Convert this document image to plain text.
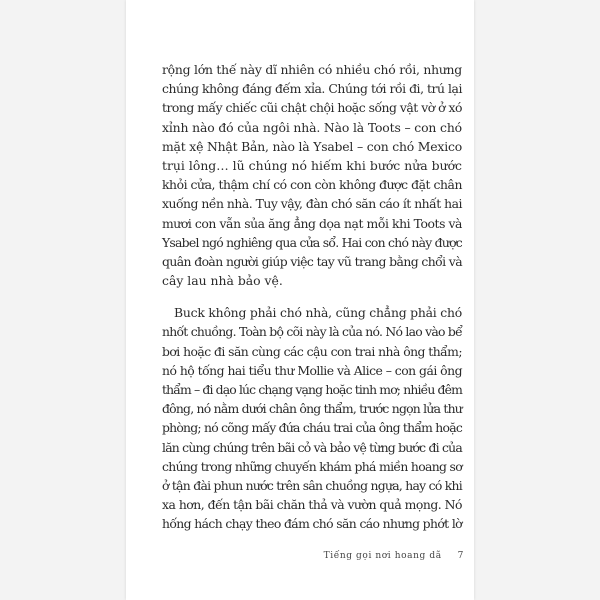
rộng lớn thế này dĩ nhiên có nhiều chó rồi, nhưng
chúng không đáng đếm xỉa. Chúng tới rồi đi, trú lại
trong mấy chiếc cũi chật chội hoặc sống vật vờ ở xó
xỉnh nào đó của ngôi nhà. Nào là Toots – con chó
mặt xệ Nhật Bản, nào là Ysabel – con chó Mexico
trụi lông… lũ chúng nó hiếm khi bước nửa bước
khỏi cửa, thậm chí có con còn không được đặt chân
xuống nền nhà. Tuy vậy, đàn chó săn cáo ít nhất hai
mươi con vẫn sủa ăng ẳng dọa nạt mỗi khi Toots và
Ysabel ngó nghiêng qua cửa sổ. Hai con chó này được
quân đoàn người giúp việc tay vũ trang bằng chổi và
cây lau nhà bảo vệ.
Buck không phải chó nhà, cũng chẳng phải chó
nhốt chuồng. Toàn bộ cõi này là của nó. Nó lao vào bể
bơi hoặc đi săn cùng các cậu con trai nhà ông thẩm;
nó hộ tống hai tiểu thư Mollie và Alice – con gái ông
thẩm – đi dạo lúc chạng vạng hoặc tinh mơ; nhiều đêm
đông, nó nằm dưới chân ông thẩm, trước ngọn lửa thư
phòng; nó cõng mấy đứa cháu trai của ông thẩm hoặc
lăn cùng chúng trên bãi cỏ và bảo vệ từng bước đi của
chúng trong những chuyến khám phá miền hoang sơ
ở tận đài phun nước trên sân chuồng ngựa, hay có khi
xa hơn, đến tận bãi chăn thả và vườn quả mọng. Nó
hống hách chạy theo đám chó săn cáo nhưng phớt lờ
Tiếng gọi nơi hoang dã 7
